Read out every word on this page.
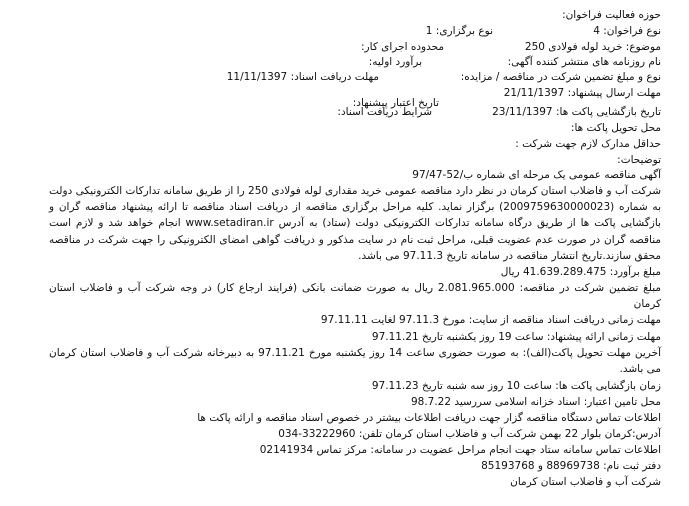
حوزه فعالیت فراخوان:
نوع فراخوان: 4
نوع برگزاری: 1
موضوع: خرید لوله فولادی 250
محدوده اجرای کار:
نام روزنامه های منتشر کننده آگهی:
برآورد اولیه:
نوع و مبلغ تضمین شرکت در مناقصه / مزایده:
مهلت دریافت اسناد: 11/11/1397
مهلت ارسال پیشنهاد: 21/11/1397
تاریخ اعتبار پیشنهاد:
تاریخ بازگشایی پاکت ها: 23/11/1397
شرایط دریافت اسناد:
محل تحویل پاکت ها:
حداقل مدارک لازم جهت شرکت :
توضیحات:
آگهی مناقصه عمومی یک مرحله ای شماره ب/52-97/47
شرکت آب و فاضلاب استان کرمان در نظر دارد مناقصه عمومی خرید مقداری لوله فولادی 250 را از طریق سامانه تدارکات الکترونیکی دولت به شماره (2009759630000023) برگزار نماید. کلیه مراحل برگزاری مناقصه از دریافت اسناد مناقصه تا ارائه پیشنهاد مناقصه گران و بازگشایی پاکت ها از طریق درگاه سامانه تدارکات الکترونیکی دولت (ستاد) به آدرس www.setadiran.ir انجام خواهد شد و لازم است مناقصه گران در صورت عدم عضویت قبلی، مراحل ثبت نام در سایت مذکور و دریافت گواهی امضای الکترونیکی را جهت شرکت در مناقصه محقق سازند.تاریخ انتشار مناقصه در سامانه تاریخ 97.11.3 می باشد.
مبلغ برآورد: 41.639.289.475 ریال
مبلغ تضمین شرکت در مناقصه: 2.081.965.000 ریال به صورت ضمانت بانکی (فرایند ارجاع کار) در وجه شرکت آب و فاضلاب استان کرمان
مهلت زمانی دریافت اسناد مناقصه از سایت: مورخ 97.11.3 لغایت 97.11.11
مهلت زمانی ارائه پیشنهاد: ساعت 19 روز یکشنبه تاریخ 97.11.21
آخرین مهلت تحویل پاکت(الف): به صورت حضوری ساعت 14 روز یکشنبه مورخ 97.11.21 به دبیرخانه شرکت آب و فاضلاب استان کرمان می باشد.
زمان بازگشایی پاکت ها: ساعت 10 روز سه شنبه تاریخ 97.11.23
محل تامین اعتبار: اسناد خزانه اسلامی سررسید 98.7.22
اطلاعات تماس دستگاه مناقصه گزار جهت دریافت اطلاعات بیشتر در خصوص اسناد مناقصه و ارائه پاکت ها
آدرس:کرمان بلوار 22 بهمن شرکت آب و فاضلاب استان کرمان تلفن: 33222960-034
اطلاعات تماس سامانه ستاد جهت انجام مراحل عضویت در سامانه: مرکز تماس 02141934
دفتر ثبت نام: 88969738 و 85193768
شرکت آب و فاضلاب استان کرمان
